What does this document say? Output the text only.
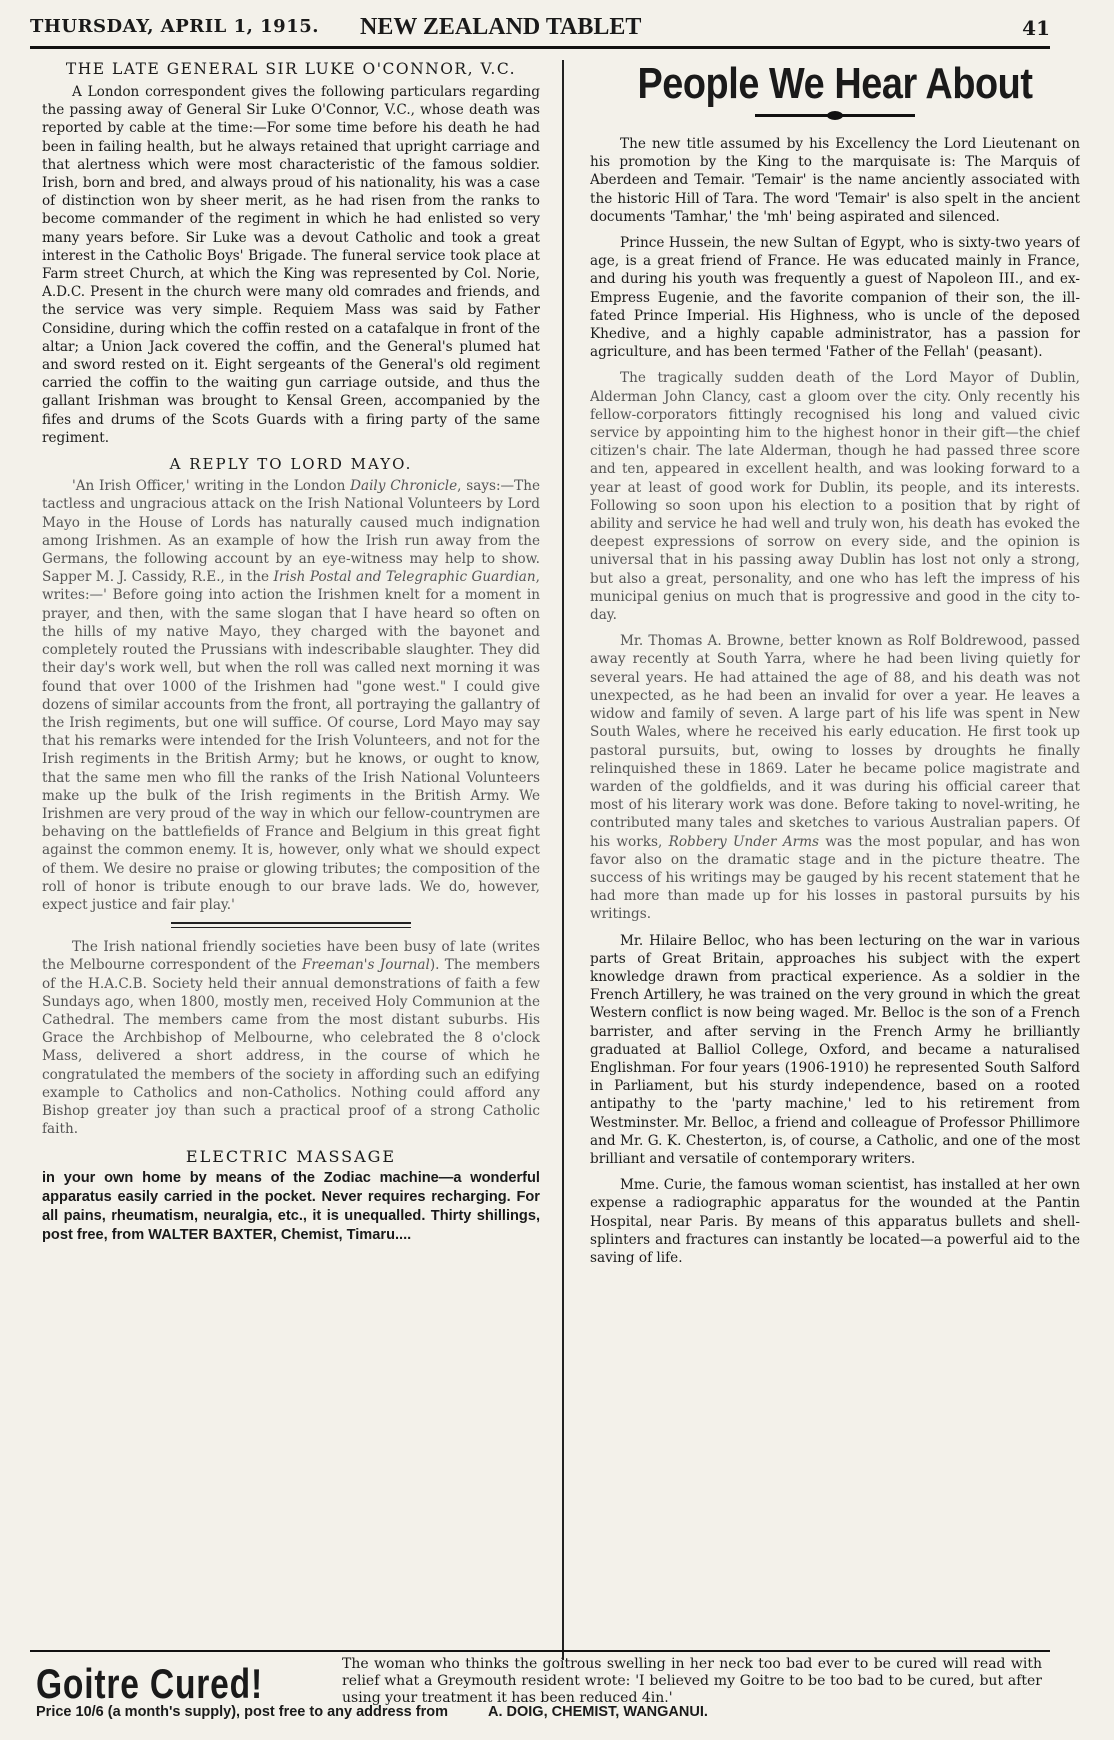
THURSDAY, APRIL 1, 1915. NEW ZEALAND TABLET	41
THE LATE GENERAL SIR LUKE O'CONNOR, V.C.

A London correspondent gives the following particulars regarding the passing away of General Sir Luke O'Connor, V.C., whose death was reported by cable at the time:—For some time before his death he had been in failing health, but he always retained that upright carriage and that alertness which were most characteristic of the famous soldier. Irish, born and bred, and always proud of his nationality, his was a case of distinction won by sheer merit, as he had risen from the ranks to become commander of the regiment in which he had enlisted so very many years before. Sir Luke was a devout Catholic and took a great interest in the Catholic Boys' Brigade. The funeral service took place at Farm street Church, at which the King was represented by Col. Norie, A.D.C. Present in the church were many old comrades and friends, and the service was very simple. Requiem Mass was said by Father Considine, during which the coffin rested on a catafalque in front of the altar; a Union Jack covered the coffin, and the General's plumed hat and sword rested on it. Eight sergeants of the General's old regiment carried the coffin to the waiting gun carriage outside, and thus the gallant Irishman was brought to Kensal Green, accompanied by the fifes and drums of the Scots Guards with a firing party of the same regiment.

A REPLY TO LORD MAYO.

'An Irish Officer,' writing in the London Daily Chronicle, says:—The tactless and ungracious attack on the Irish National Volunteers by Lord Mayo in the House of Lords has naturally caused much indignation among Irishmen. As an example of how the Irish run away from the Germans, the following account by an eye-witness may help to show. Sapper M. J. Cassidy, R.E., in the Irish Postal and Telegraphic Guardian, writes:—' Before going into action the Irishmen knelt for a moment in prayer, and then, with the same slogan that I have heard so often on the hills of my native Mayo, they charged with the bayonet and completely routed the Prussians with indescribable slaughter. They did their day's work well, but when the roll was called next morning it was found that over 1000 of the Irishmen had "gone west." I could give dozens of similar accounts from the front, all portraying the gallantry of the Irish regiments, but one will suffice. Of course, Lord Mayo may say that his remarks were intended for the Irish Volunteers, and not for the Irish regiments in the British Army; but he knows, or ought to know, that the same men who fill the ranks of the Irish National Volunteers make up the bulk of the Irish regiments in the British Army. We Irishmen are very proud of the way in which our fellow-countrymen are behaving on the battlefields of France and Belgium in this great fight against the common enemy. It is, however, only what we should expect of them. We desire no praise or glowing tributes; the composition of the roll of honor is tribute enough to our brave lads. We do, however, expect justice and fair play.'

The Irish national friendly societies have been busy of late (writes the Melbourne correspondent of the Freeman's Journal). The members of the H.A.C.B. Society held their annual demonstrations of faith a few Sundays ago, when 1800, mostly men, received Holy Communion at the Cathedral. The members came from the most distant suburbs. His Grace the Archbishop of Melbourne, who celebrated the 8 o'clock Mass, delivered a short address, in the course of which he congratulated the members of the society in affording such an edifying example to Catholics and non-Catholics. Nothing could afford any Bishop greater joy than such a practical proof of a strong Catholic faith.

ELECTRIC MASSAGE
in your own home by means of the Zodiac machine—a wonderful apparatus easily carried in the pocket. Never requires recharging. For all pains, rheumatism, neuralgia, etc., it is unequalled. Thirty shillings, post free, from WALTER BAXTER, Chemist, Timaru....
People We Hear About

The new title assumed by his Excellency the Lord Lieutenant on his promotion by the King to the marquisate is: The Marquis of Aberdeen and Temair. 'Temair' is the name anciently associated with the historic Hill of Tara. The word 'Temair' is also spelt in the ancient documents 'Tamhar,' the 'mh' being aspirated and silenced.

Prince Hussein, the new Sultan of Egypt, who is sixty-two years of age, is a great friend of France. He was educated mainly in France, and during his youth was frequently a guest of Napoleon III., and ex-Empress Eugenie, and the favorite companion of their son, the ill-fated Prince Imperial. His Highness, who is uncle of the deposed Khedive, and a highly capable administrator, has a passion for agriculture, and has been termed 'Father of the Fellah' (peasant).

The tragically sudden death of the Lord Mayor of Dublin, Alderman John Clancy, cast a gloom over the city. Only recently his fellow-corporators fittingly recognised his long and valued civic service by appointing him to the highest honor in their gift—the chief citizen's chair. The late Alderman, though he had passed three score and ten, appeared in excellent health, and was looking forward to a year at least of good work for Dublin, its people, and its interests. Following so soon upon his election to a position that by right of ability and service he had well and truly won, his death has evoked the deepest expressions of sorrow on every side, and the opinion is universal that in his passing away Dublin has lost not only a strong, but also a great, personality, and one who has left the impress of his municipal genius on much that is progressive and good in the city to-day.

Mr. Thomas A. Browne, better known as Rolf Boldrewood, passed away recently at South Yarra, where he had been living quietly for several years. He had attained the age of 88, and his death was not unexpected, as he had been an invalid for over a year. He leaves a widow and family of seven. A large part of his life was spent in New South Wales, where he received his early education. He first took up pastoral pursuits, but, owing to losses by droughts he finally relinquished these in 1869. Later he became police magistrate and warden of the goldfields, and it was during his official career that most of his literary work was done. Before taking to novel-writing, he contributed many tales and sketches to various Australian papers. Of his works, Robbery Under Arms was the most popular, and has won favor also on the dramatic stage and in the picture theatre. The success of his writings may be gauged by his recent statement that he had more than made up for his losses in pastoral pursuits by his writings.

Mr. Hilaire Belloc, who has been lecturing on the war in various parts of Great Britain, approaches his subject with the expert knowledge drawn from practical experience. As a soldier in the French Artillery, he was trained on the very ground in which the great Western conflict is now being waged. Mr. Belloc is the son of a French barrister, and after serving in the French Army he brilliantly graduated at Balliol College, Oxford, and became a naturalised Englishman. For four years (1906-1910) he represented South Salford in Parliament, but his sturdy independence, based on a rooted antipathy to the 'party machine,' led to his retirement from Westminster. Mr. Belloc, a friend and colleague of Professor Phillimore and Mr. G. K. Chesterton, is, of course, a Catholic, and one of the most brilliant and versatile of contemporary writers.

Mme. Curie, the famous woman scientist, has installed at her own expense a radiographic apparatus for the wounded at the Pantin Hospital, near Paris. By means of this apparatus bullets and shell-splinters and fractures can instantly be located—a powerful aid to the saving of life.

Goitre Cured!	The woman who thinks the goitrous swelling in her neck too bad ever to be cured will read with relief what a Greymouth resident wrote: 'I believed my Goitre to be too bad to be cured, but after using your treatment it has been reduced 4in.'
Price 10/6 (a month's supply), post free to any address from	A. DOIG, CHEMIST, WANGANUI.
